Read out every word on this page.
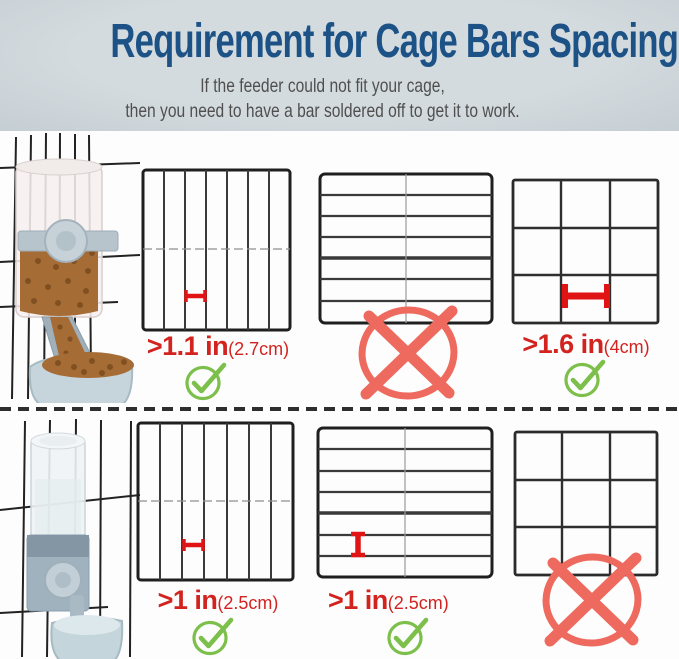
Requirement for Cage Bars Spacing
If the feeder could not fit your cage,
then you need to have a bar soldered off to get it to work.
>1.1 in(2.7cm)	>1.6 in(4cm)
>1 in(2.5cm)	>1 in(2.5cm)
